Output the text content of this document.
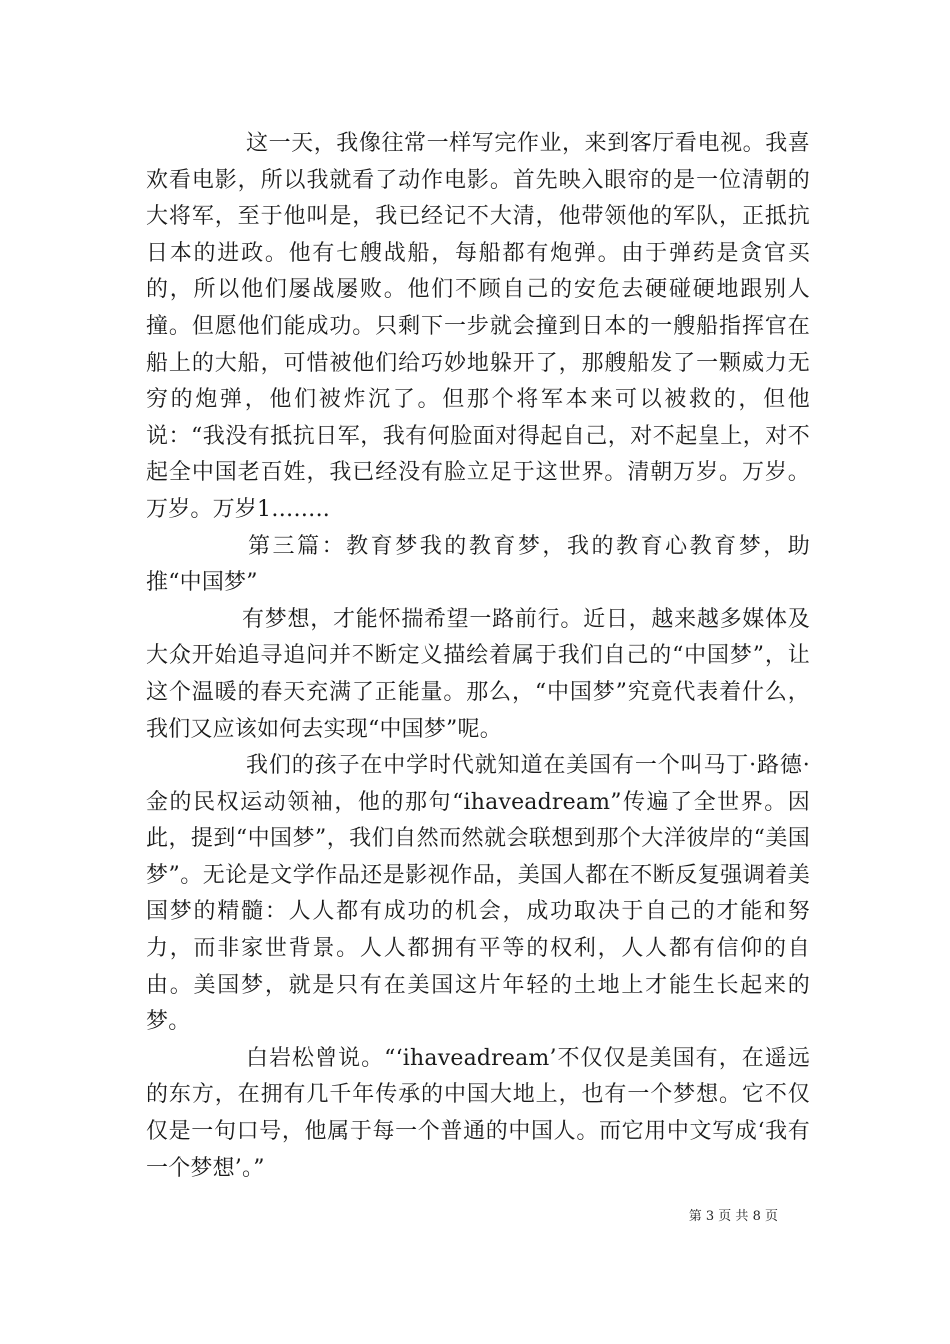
这一天，我像往常一样写完作业，来到客厅看电视。我喜欢看电影，所以我就看了动作电影。首先映入眼帘的是一位清朝的大将军，至于他叫是，我已经记不大清，他带领他的军队，正抵抗日本的进政。他有七艘战船，每船都有炮弹。由于弹药是贪官买的，所以他们屡战屡败。他们不顾自己的安危去硬碰硬地跟别人撞。但愿他们能成功。只剩下一步就会撞到日本的一艘船指挥官在船上的大船，可惜被他们给巧妙地躲开了，那艘船发了一颗威力无穷的炮弹，他们被炸沉了。但那个将军本来可以被救的，但他说：“我没有抵抗日军，我有何脸面对得起自己，对不起皇上，对不起全中国老百姓，我已经没有脸立足于这世界。清朝万岁。万岁。万岁。万岁1……..

第三篇：教育梦我的教育梦，我的教育心教育梦，助推“中国梦”

有梦想，才能怀揣希望一路前行。近日，越来越多媒体及大众开始追寻追问并不断定义描绘着属于我们自己的“中国梦”，让这个温暖的春天充满了正能量。那么，“中国梦”究竟代表着什么，我们又应该如何去实现“中国梦”呢。

我们的孩子在中学时代就知道在美国有一个叫马丁·路德·金的民权运动领袖，他的那句“ihaveadream”传遍了全世界。因此，提到“中国梦”，我们自然而然就会联想到那个大洋彼岸的“美国梦”。无论是文学作品还是影视作品，美国人都在不断反复强调着美国梦的精髓：人人都有成功的机会，成功取决于自己的才能和努力，而非家世背景。人人都拥有平等的权利，人人都有信仰的自由。美国梦，就是只有在美国这片年轻的土地上才能生长起来的梦。

白岩松曾说。“‘ihaveadream’不仅仅是美国有，在遥远的东方，在拥有几千年传承的中国大地上，也有一个梦想。它不仅仅是一句口号，他属于每一个普通的中国人。而它用中文写成‘我有一个梦想’。”

第 3 页 共 8 页
